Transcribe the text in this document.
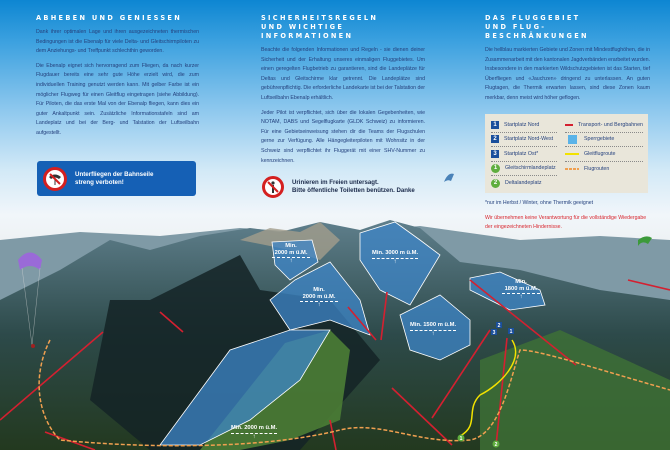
2
3	1
1
2
ABHEBEN UND GENIESSEN

Dank ihrer optimalen Lage und ihren ausgezeichneten thermischen Bedingungen ist die Ebenalp für viele Delta- und Gleitschirmpiloten zu dem Anziehungs- und Treffpunkt schlechthin geworden.

Die Ebenalp eignet sich hervorragend zum Fliegen, da nach kurzer Flugdauer bereits eine sehr gute Höhe erzielt wird, die zum individuellen Training genutzt werden kann. Mit gelber Farbe ist ein möglicher Flugweg für einen Gleitflug eingetragen (siehe Abbildung). Für Piloten, die das erste Mal von der Ebenalp fliegen, kann dies ein guter Ankaltpunkt sein. Zusätzliche Informationstafeln sind am Landeplatz und bei der Berg- und Talstation der Luftseilbahn aufgestellt.

Unterfliegen der Bahnseile
streng verboten!
SICHERHEITSREGELN
UND WICHTIGE INFORMATIONEN

Beachte die folgenden Informationen und Regeln - sie dienen deiner Sicherheit und der Erhaltung unseres einmaligen Fluggebietes. Um einen geregelten Flugbetrieb zu garantieren, sind die Landeplätze für Deltas und Gleitschirme klar getrennt. Die Landeplätze sind gebührenpflichtig. Die erforderliche Landekarte ist bei der Talstation der Luftseilbahn Ebenalp erhältlich.

Jeder Pilot ist verpflichtet, sich über die lokalen Gegebenheiten, wie NOTAM, DABS und Segelflugkarte (GLDK Schweiz) zu informieren. Für eine Gebietseinweisung stehen dir die Teams der Flugschulen gerne zur Verfügung. Alle Hängegleiterpiloten mit Wohnsitz in der Schweiz sind verpflichtet ihr Fluggerät mit einer SHV-Nummer zu kennzeichnen.

Urinieren im Freien untersagt.
Bitte öffentliche Toiletten benützen. Danke
DAS FLUGGEBIET
UND FLUG-BESCHRÄNKUNGEN

Die hellblau markierten Gebiete und Zonen mit Mindestflughöhen, die in Zusammenarbeit mit den kantonalen Jagdverbänden erarbeitet wurden. Insbesondere in den markierten Wildschutzgebieten ist das Starten, tief Überfliegen und «Jauchzen» dringend zu unterlassen. An guten Flugtagen, die Thermik erwarten lassen, sind diese Zonen kaum merkbar, denn meist wird höher geflogen.

1	Startplatz Nord
2	Startplatz Nord-West
3	Startplatz Ost*
1	Gleitschirmlandeplatz
2	Deltalandeplatz
Transport- und Bergbahnen
Sperrgebiete
Gleitflugroute
Flugrouten
*nur im Herbst / Winter, ohne Thermik geeignet
Wir übernehmen keine Verantwortung für die vollständige Wiedergabe der eingezeichneten Hindernisse.
Min.
2000 m ü.M.
↑
Min.
2000 m ü.M.
↑
Min. 3000 m ü.M.
↑
Min.
1800 m ü.M.
↑
Min. 1500 m ü.M.
↑
Min. 2000 m ü.M.
↑
